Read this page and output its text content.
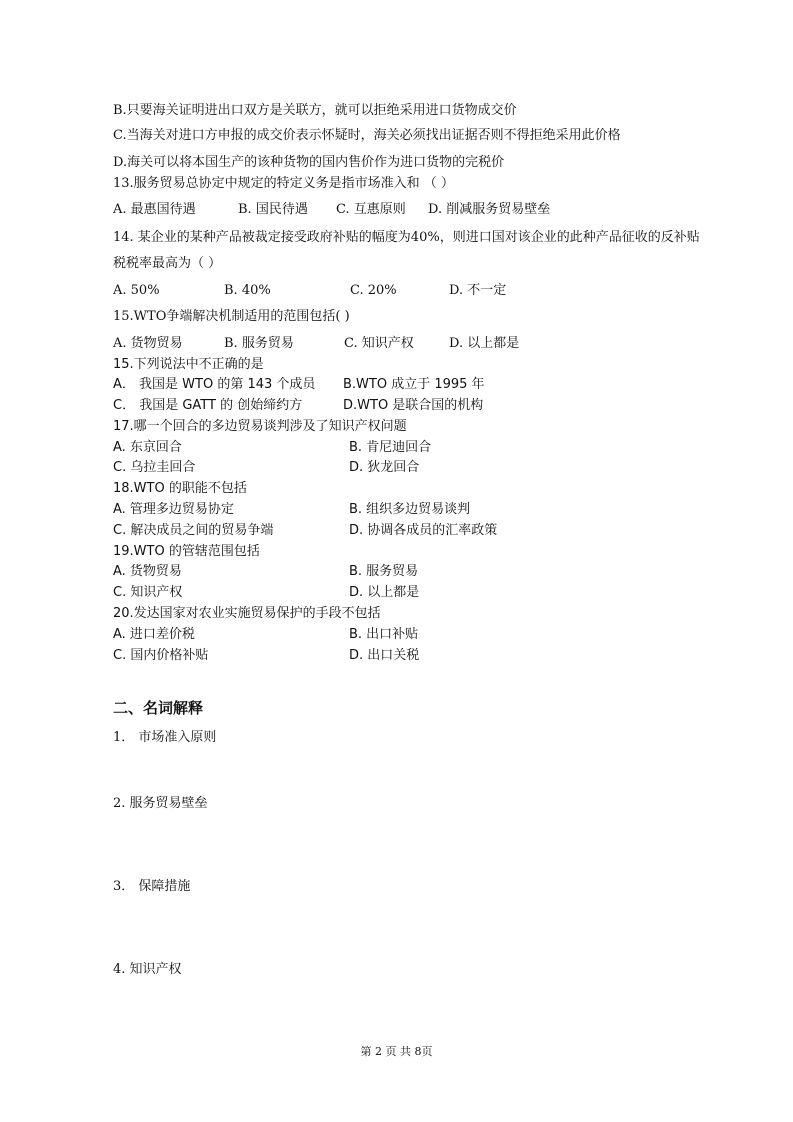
B.只要海关证明进出口双方是关联方，就可以拒绝采用进口货物成交价
C.当海关对进口方申报的成交价表示怀疑时，海关必须找出证据否则不得拒绝采用此价格
D.海关可以将本国生产的该种货物的国内售价作为进口货物的完税价
13.服务贸易总协定中规定的特定义务是指市场准入和 （ ）
A. 最惠国待遇	B. 国民待遇 C. 互惠原则 D. 削减服务贸易壁垒
14. 某企业的某种产品被裁定接受政府补贴的幅度为40%，则进口国对该企业的此种产品征收的反补贴
税税率最高为（ ）
A. 50%	B. 40%	C. 20%	D. 不一定
15.WTO争端解决机制适用的范围包括( )
A. 货物贸易	B. 服务贸易	C. 知识产权	D. 以上都是
15.下列说法中不正确的是
A． 我国是 WTO 的第 143 个成员 B.WTO 成立于 1995 年
C． 我国是 GATT 的 创始缔约方	D.WTO 是联合国的机构
17.哪一个回合的多边贸易谈判涉及了知识产权问题
A. 东京回合	B. 肯尼迪回合
C. 乌拉圭回合	D. 狄龙回合
18.WTO 的职能不包括
A. 管理多边贸易协定	B. 组织多边贸易谈判
C. 解决成员之间的贸易争端	D. 协调各成员的汇率政策
19.WTO 的管辖范围包括
A. 货物贸易	B. 服务贸易
C. 知识产权	D. 以上都是
20.发达国家对农业实施贸易保护的手段不包括
A. 进口差价税	B. 出口补贴
C. 国内价格补贴	D. 出口关税
二、名词解释
1． 市场准入原则
2. 服务贸易壁垒
3． 保障措施
4. 知识产权
第 2 页 共 8页
